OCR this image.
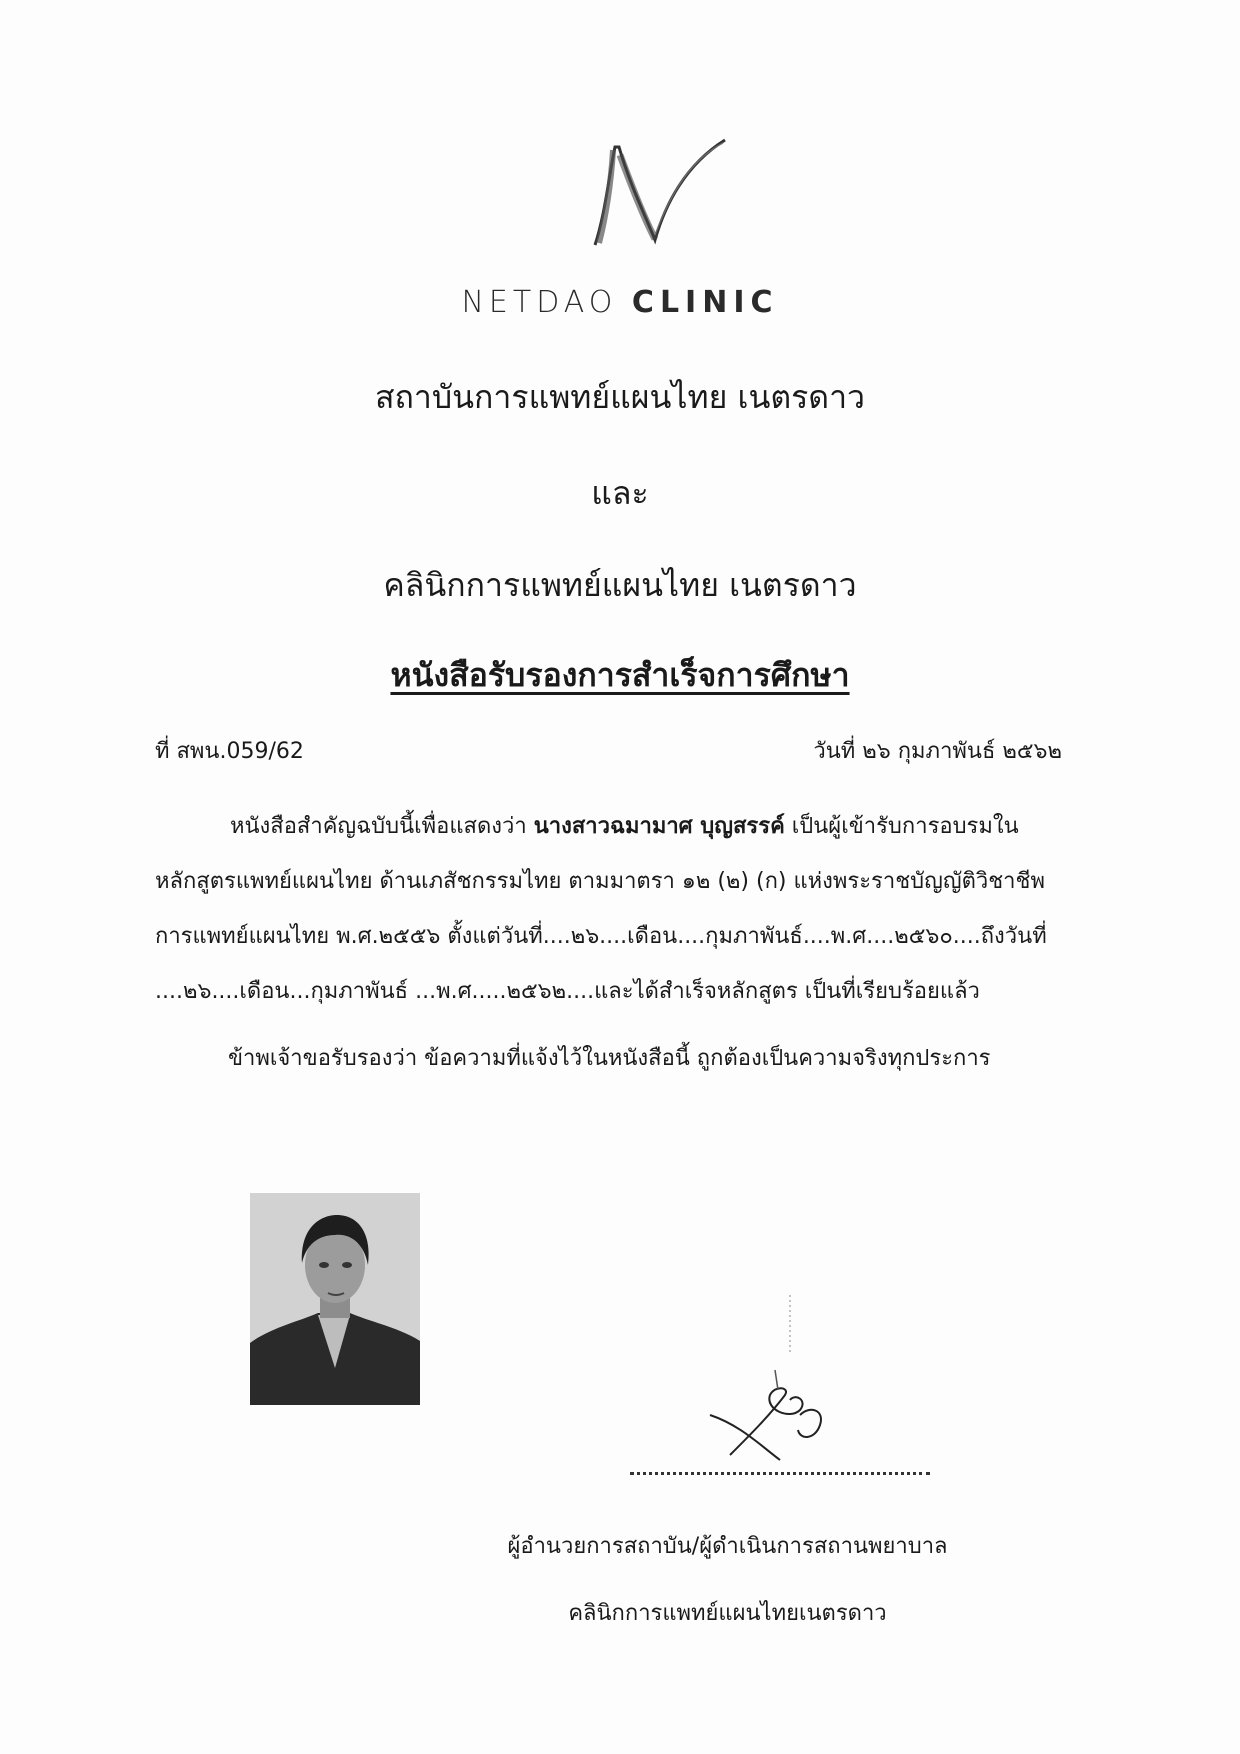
NETDAO CLINIC
สถาบันการแพทย์แผนไทย เนตรดาว
และ
คลินิกการแพทย์แผนไทย เนตรดาว
หนังสือรับรองการสำเร็จการศึกษา
ที่ สพน.059/62	วันที่ ๒๖ กุมภาพันธ์ ๒๕๖๒
หนังสือสำคัญฉบับนี้เพื่อแสดงว่า นางสาวฉมามาศ บุญสรรค์ เป็นผู้เข้ารับการอบรมใน
หลักสูตรแพทย์แผนไทย ด้านเภสัชกรรมไทย ตามมาตรา ๑๒ (๒) (ก) แห่งพระราชบัญญัติวิชาชีพ
การแพทย์แผนไทย พ.ศ.๒๕๕๖ ตั้งแต่วันที่....๒๖....เดือน....กุมภาพันธ์....พ.ศ....๒๕๖๐....ถึงวันที่
....๒๖....เดือน...กุมภาพันธ์ ...พ.ศ.....๒๕๖๒....และได้สำเร็จหลักสูตร เป็นที่เรียบร้อยแล้ว
ข้าพเจ้าขอรับรองว่า ข้อความที่แจ้งไว้ในหนังสือนี้ ถูกต้องเป็นความจริงทุกประการ
ผู้อำนวยการสถาบัน/ผู้ดำเนินการสถานพยาบาล
คลินิกการแพทย์แผนไทยเนตรดาว
